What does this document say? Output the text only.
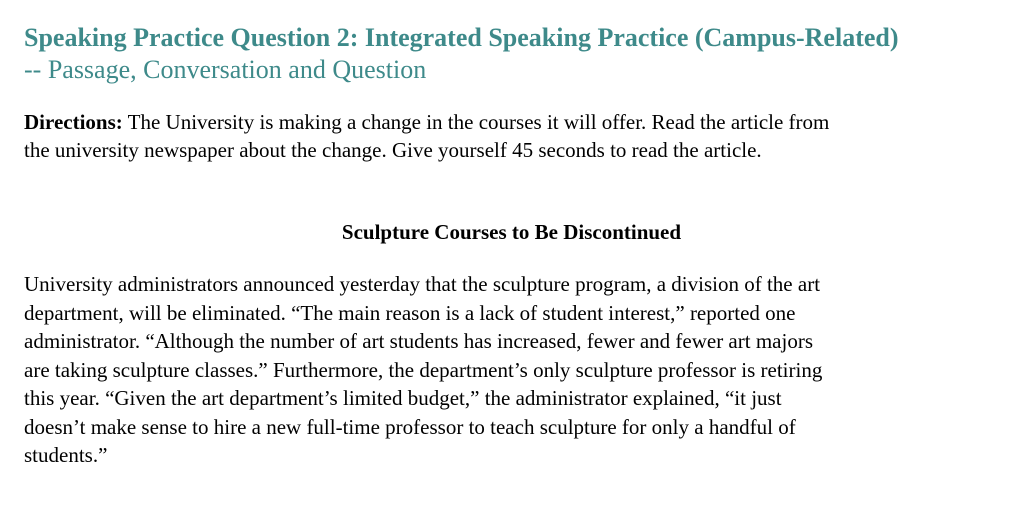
Speaking Practice Question 2: Integrated Speaking Practice (Campus-Related)
-- Passage, Conversation and Question

Directions: The University is making a change in the courses it will offer. Read the article from
the university newspaper about the change. Give yourself 45 seconds to read the article.

Sculpture Courses to Be Discontinued

University administrators announced yesterday that the sculpture program, a division of the art
department, will be eliminated. “The main reason is a lack of student interest,” reported one
administrator. “Although the number of art students has increased, fewer and fewer art majors
are taking sculpture classes.” Furthermore, the department’s only sculpture professor is retiring
this year. “Given the art department’s limited budget,” the administrator explained, “it just
doesn’t make sense to hire a new full-time professor to teach sculpture for only a handful of
students.”
